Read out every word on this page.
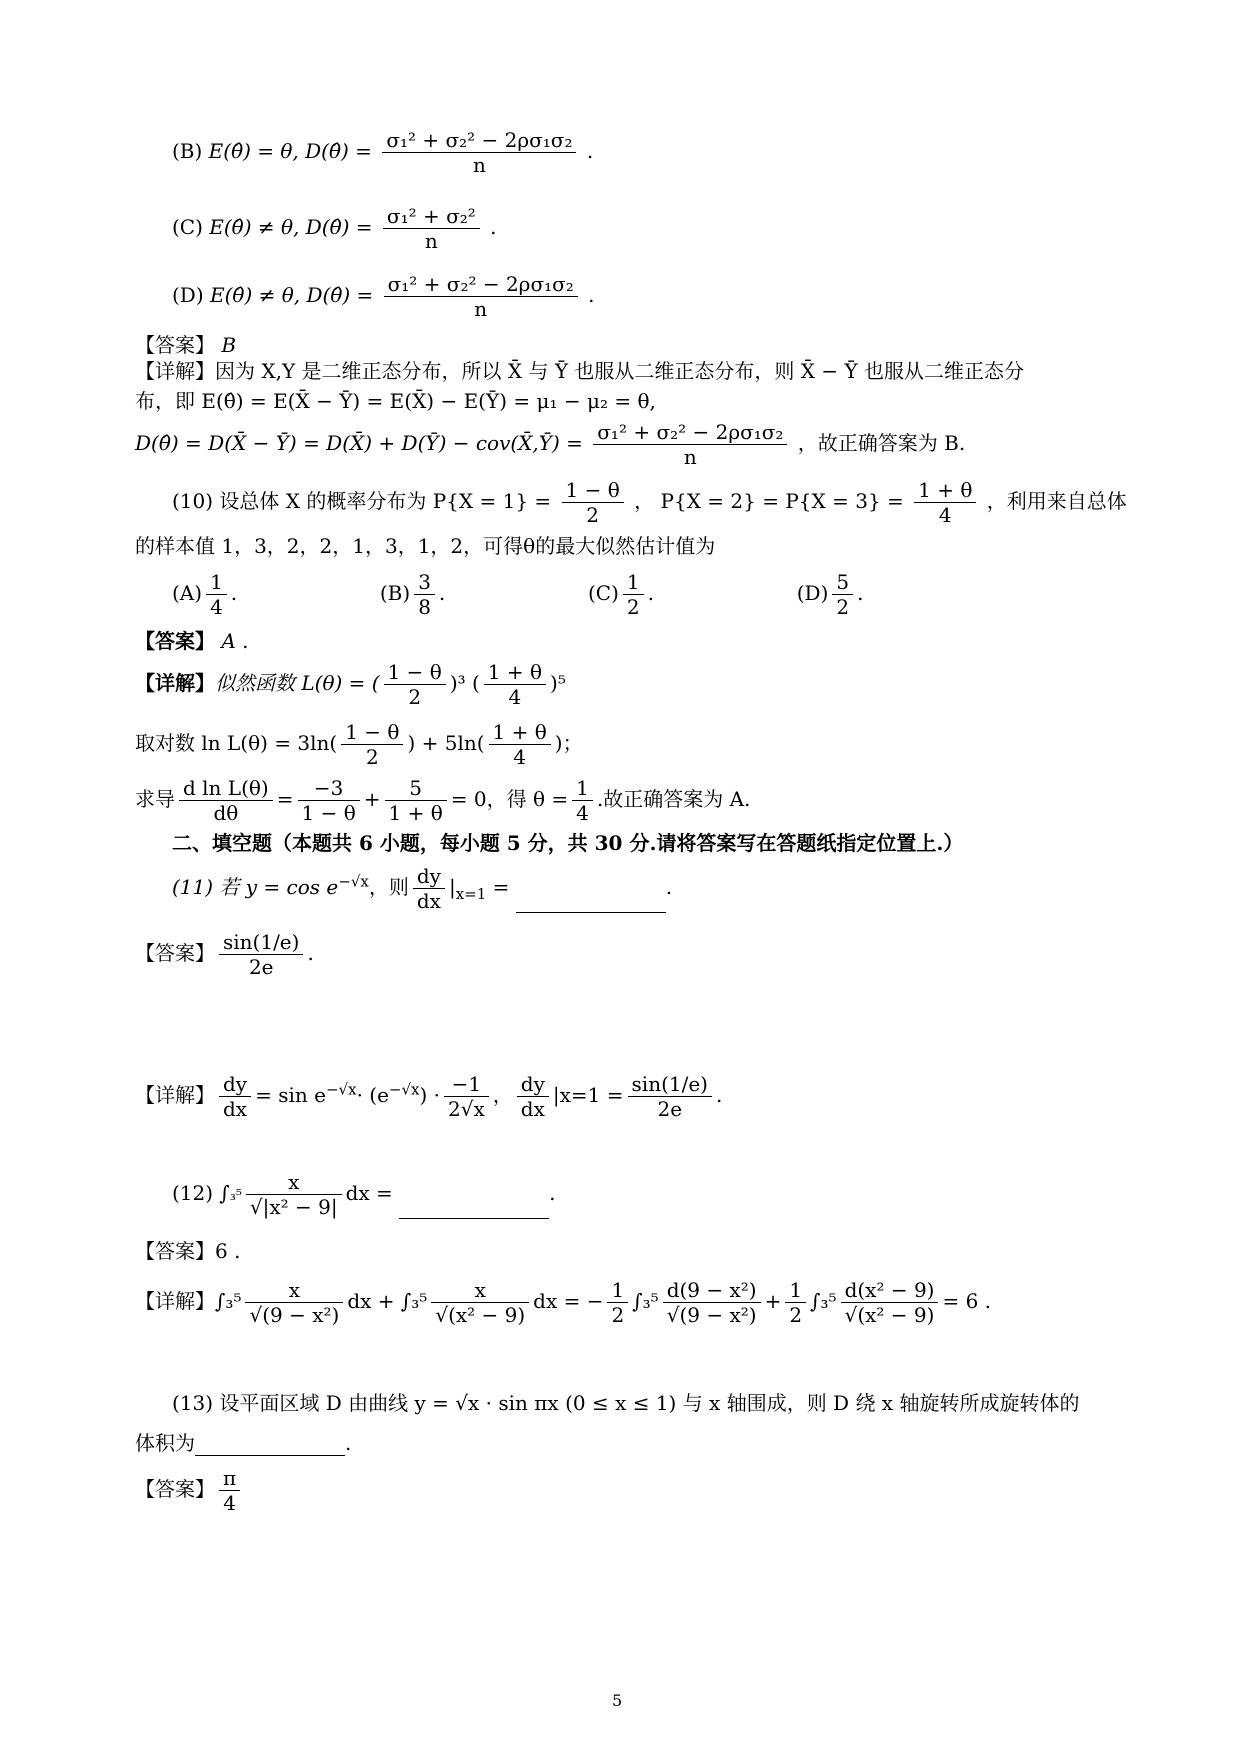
(B) E(θ̂) = θ, D(θ̂) = $\frac{\text{σ₁² + σ₂² − 2ρσ₁σ₂}}{n}$ .
(C) E(θ̂) ≠ θ, D(θ̂) = $\frac{\text{σ₁² + σ₂²}}{n}$ .
(D) E(θ̂) ≠ θ, D(θ̂) = $\frac{\text{σ₁² + σ₂² − 2ρσ₁σ₂}}{n}$ .
【答案】 B
【详解】因为 X,Y 是二维正态分布，所以 X̄ 与 Ȳ 也服从二维正态分布，则 X̄ − Ȳ 也服从二维正态分
布，即 E(θ̂) = E(X̄ − Ȳ) = E(X̄) − E(Ȳ) = μ₁ − μ₂ = θ,
D(θ̂) = D(X̄ − Ȳ) = D(X̄) + D(Ȳ) − cov(X̄,Ȳ) = $\frac{\text{σ₁² + σ₂² − 2ρσ₁σ₂}}{n}$ ，故正确答案为 B.
(10) 设总体 X 的概率分布为 $P\{X = 1\} = \frac{1 - \theta}{2}$ ， $P\{X = 2\} = P\{X = 3\} = \frac{1 + \theta}{4}$ ，利用来自总体
的样本值 1，3，2，2，1，3，1，2，可得θ的最大似然估计值为
$(A) \frac{1}{4}$ .	$(B) \frac{3}{8}$ .	$(C) \frac{1}{2}$ .	$(D) \frac{5}{2}$ .
【答案】 A .
【详解】似然函数 L(θ) = ( $\frac{1 - \theta}{2} )^3$ ( $\frac{1 + \theta}{4} )^5$
取对数 $\ln L(\theta) = 3\ln( \frac{1 - \theta}{2}$ ) + $5\ln( \frac{1 + \theta}{4}$ )；
求导 $\frac{\text{d ln L(θ)}}{d\theta} = \frac{-3}{1 - \theta} + \frac{5}{1 + \theta} = 0$，得 $\theta = \frac{1}{4}$ .故正确答案为 A.
二、填空题（本题共 6 小题，每小题 5 分，共 30 分.请将答案写在答题纸指定位置上.）
(11) 若 $y = \cos e^{-√x}$，则 $\frac{dy}{dx} |_{x=1}$ =	.
【答案】 $\frac{\sin(1/e)}{2e}$ .
【详解】 $\frac{dy}{dx} = \sin e^{-√x}\cdot (e^{-√x}) \cdot \frac{-1}{2√x}$ ， $\frac{dy}{dx} |x=1 = \frac{\sin(1/e)}{2e}$ .
(12) $\int_3^5 \frac{x}{\text{√|x² − 9|}}$ dx =	.
【答案】6 .
【详解】$\int_3^5 \frac{x}{\text{√(9 − x²)}}$ dx + $\int_3^5 \frac{x}{\text{√(x² − 9)}}$ dx = − $\frac{1}{2} \int_3^5 \frac{\text{d(9 − x²)}}{\text{√(9 − x²)}} + \frac{1}{2} \int_3^5 \frac{\text{d(x² − 9)}}{\text{√(x² − 9)}} = 6$ .
(13) 设平面区域 D 由曲线 y = √x · sin πx (0 ≤ x ≤ 1) 与 x 轴围成，则 D 绕 x 轴旋转所成旋转体的
体积为	.
【答案】 $\frac{\pi}{4}$
5
